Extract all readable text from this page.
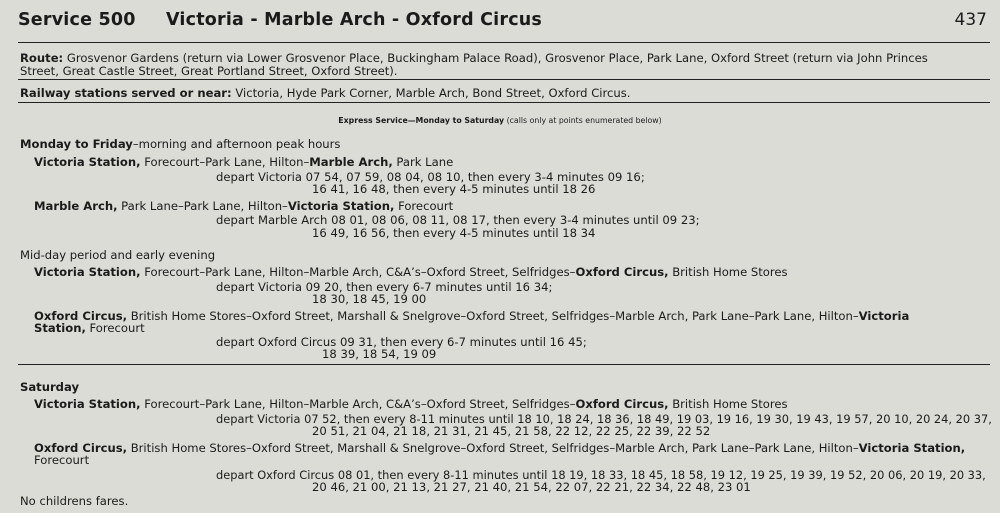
Service 500 Victoria - Marble Arch - Oxford Circus	437
Route: Grosvenor Gardens (return via Lower Grosvenor Place, Buckingham Palace Road), Grosvenor Place, Park Lane, Oxford Street (return via John Princes
Street, Great Castle Street, Great Portland Street, Oxford Street).
Railway stations served or near: Victoria, Hyde Park Corner, Marble Arch, Bond Street, Oxford Circus.
Express Service—Monday to Saturday (calls only at points enumerated below)
Monday to Friday–morning and afternoon peak hours
Victoria Station, Forecourt–Park Lane, Hilton–Marble Arch, Park Lane
depart Victoria 07 54, 07 59, 08 04, 08 10, then every 3-4 minutes 09 16;
16 41, 16 48, then every 4-5 minutes until 18 26
Marble Arch, Park Lane–Park Lane, Hilton–Victoria Station, Forecourt
depart Marble Arch 08 01, 08 06, 08 11, 08 17, then every 3-4 minutes until 09 23;
16 49, 16 56, then every 4-5 minutes until 18 34
Mid-day period and early evening
Victoria Station, Forecourt–Park Lane, Hilton–Marble Arch, C&A’s–Oxford Street, Selfridges–Oxford Circus, British Home Stores
depart Victoria 09 20, then every 6-7 minutes until 16 34;
18 30, 18 45, 19 00
Oxford Circus, British Home Stores–Oxford Street, Marshall & Snelgrove–Oxford Street, Selfridges–Marble Arch, Park Lane–Park Lane, Hilton–Victoria
Station, Forecourt
depart Oxford Circus 09 31, then every 6-7 minutes until 16 45;
18 39, 18 54, 19 09
Saturday
Victoria Station, Forecourt–Park Lane, Hilton–Marble Arch, C&A’s–Oxford Street, Selfridges–Oxford Circus, British Home Stores
depart Victoria 07 52, then every 8-11 minutes until 18 10, 18 24, 18 36, 18 49, 19 03, 19 16, 19 30, 19 43, 19 57, 20 10, 20 24, 20 37,
20 51, 21 04, 21 18, 21 31, 21 45, 21 58, 22 12, 22 25, 22 39, 22 52
Oxford Circus, British Home Stores–Oxford Street, Marshall & Snelgrove–Oxford Street, Selfridges–Marble Arch, Park Lane–Park Lane, Hilton–Victoria Station,
Forecourt
depart Oxford Circus 08 01, then every 8-11 minutes until 18 19, 18 33, 18 45, 18 58, 19 12, 19 25, 19 39, 19 52, 20 06, 20 19, 20 33,
20 46, 21 00, 21 13, 21 27, 21 40, 21 54, 22 07, 22 21, 22 34, 22 48, 23 01
No childrens fares.
